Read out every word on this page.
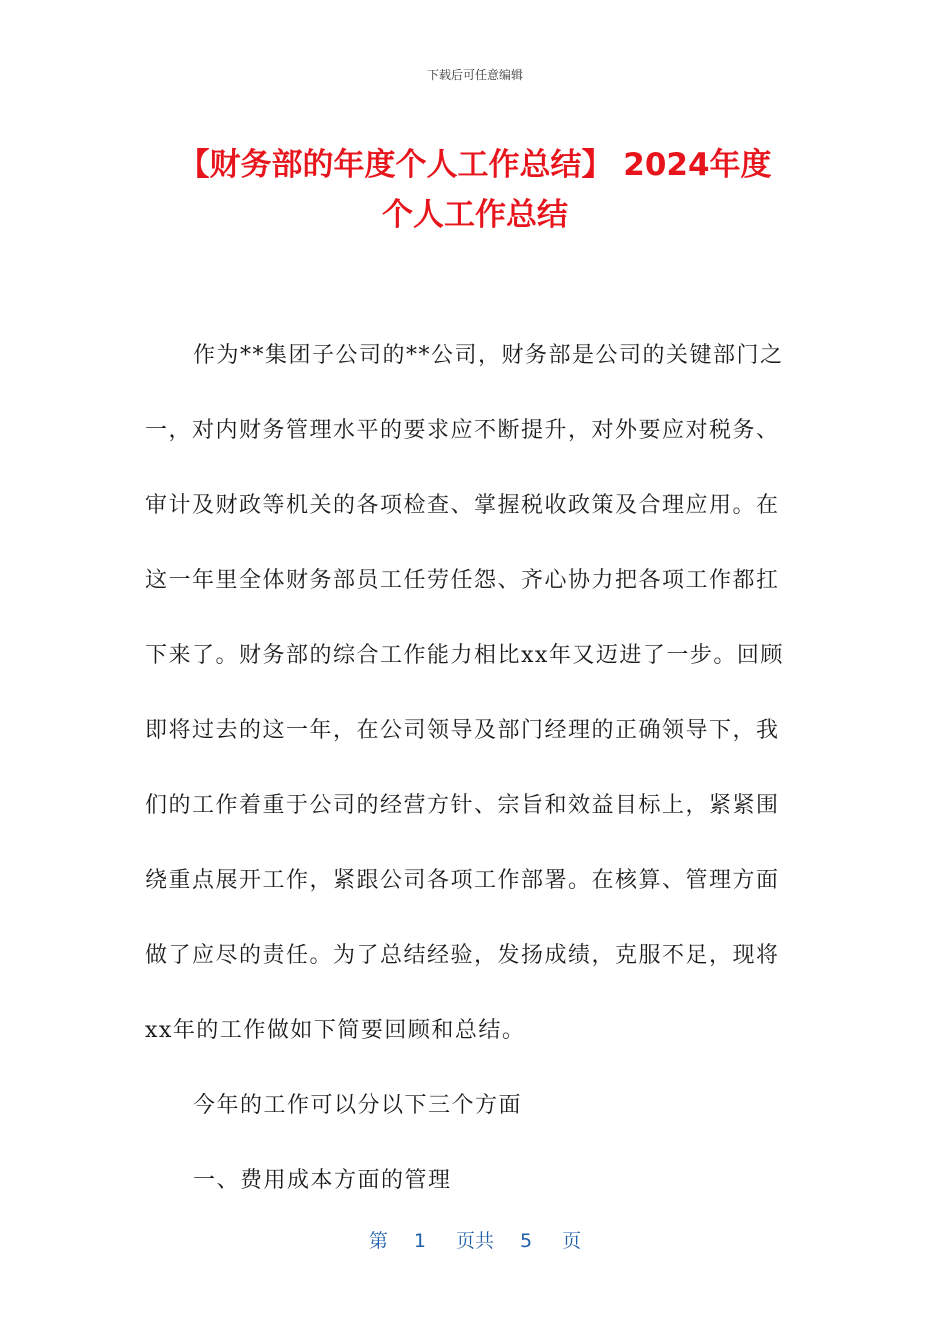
下载后可任意编辑
【财务部的年度个人工作总结】 2024年度
个人工作总结

作为**集团子公司的**公司，财务部是公司的关键部门之
一，对内财务管理水平的要求应不断提升，对外要应对税务、
审计及财政等机关的各项检查、掌握税收政策及合理应用。在
这一年里全体财务部员工任劳任怨、齐心协力把各项工作都扛
下来了。财务部的综合工作能力相比xx年又迈进了一步。回顾
即将过去的这一年，在公司领导及部门经理的正确领导下，我
们的工作着重于公司的经营方针、宗旨和效益目标上，紧紧围
绕重点展开工作，紧跟公司各项工作部署。在核算、管理方面
做了应尽的责任。为了总结经验，发扬成绩，克服不足，现将
xx年的工作做如下简要回顾和总结。

今年的工作可以分以下三个方面

一、费用成本方面的管理

第 1 页共 5 页
